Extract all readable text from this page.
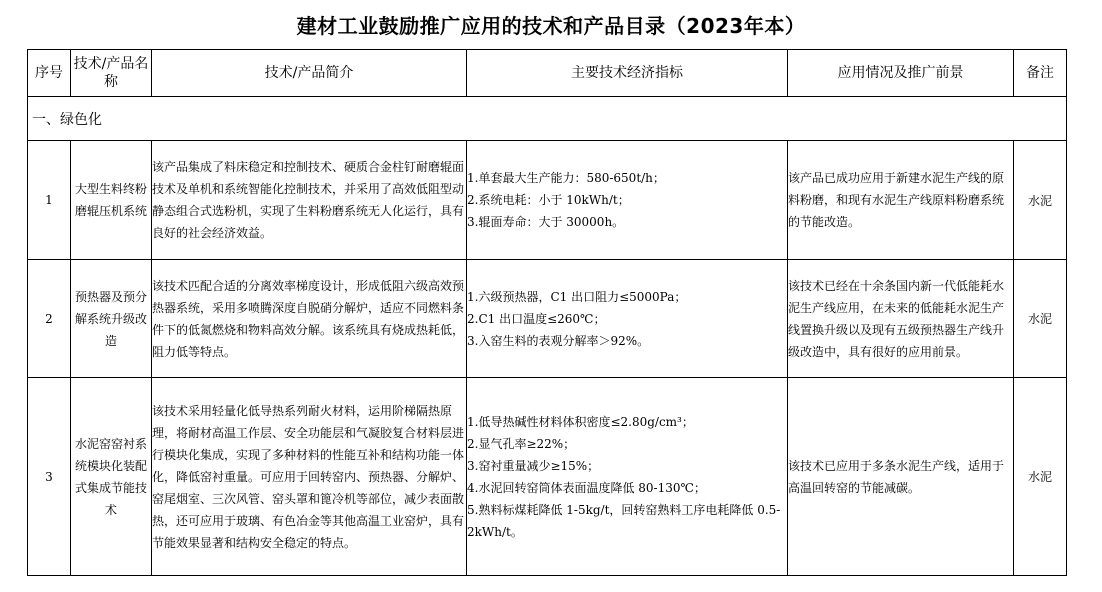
建材工业鼓励推广应用的技术和产品目录（2023年本）
序号	技术/产品名称	技术/产品简介	主要技术经济指标	应用情况及推广前景	备注
一、绿色化					
1	大型生料终粉磨辊压机系统	该产品集成了料床稳定和控制技术、硬质合金柱钉耐磨辊面技术及单机和系统智能化控制技术，并采用了高效低阻型动静态组合式选粉机，实现了生料粉磨系统无人化运行，具有良好的社会经济效益。	1.单套最大生产能力：580-650t/h；
2.系统电耗：小于 10kWh/t；
3.辊面寿命：大于 30000h。	该产品已成功应用于新建水泥生产线的原料粉磨，和现有水泥生产线原料粉磨系统的节能改造。	水泥
2	预热器及预分解系统升级改造	该技术匹配合适的分离效率梯度设计，形成低阻六级高效预热器系统，采用多喷腾深度自脱硝分解炉，适应不同燃料条件下的低氮燃烧和物料高效分解。该系统具有烧成热耗低，阻力低等特点。	1.六级预热器，C1 出口阻力≤5000Pa；
2.C1 出口温度≤260℃；
3.入窑生料的表观分解率＞92%。	该技术已经在十余条国内新一代低能耗水泥生产线应用，在未来的低能耗水泥生产线置换升级以及现有五级预热器生产线升级改造中，具有很好的应用前景。	水泥
3	水泥窑窑衬系统模块化装配式集成节能技术	该技术采用轻量化低导热系列耐火材料，运用阶梯隔热原理，将耐材高温工作层、安全功能层和气凝胶复合材料层进行模块化集成，实现了多种材料的性能互补和结构功能一体化，降低窑衬重量。可应用于回转窑内、预热器、分解炉、窑尾烟室、三次风管、窑头罩和篦冷机等部位，减少表面散热，还可应用于玻璃、有色冶金等其他高温工业窑炉，具有节能效果显著和结构安全稳定的特点。	1.低导热碱性材料体积密度≤2.80g/cm³；
2.显气孔率≥22%；
3.窑衬重量减少≥15%；
4.水泥回转窑筒体表面温度降低 80-130℃；
5.熟料标煤耗降低 1-5kg/t，回转窑熟料工序电耗降低 0.5-2kWh/t。	该技术已应用于多条水泥生产线，适用于高温回转窑的节能减碳。	水泥
